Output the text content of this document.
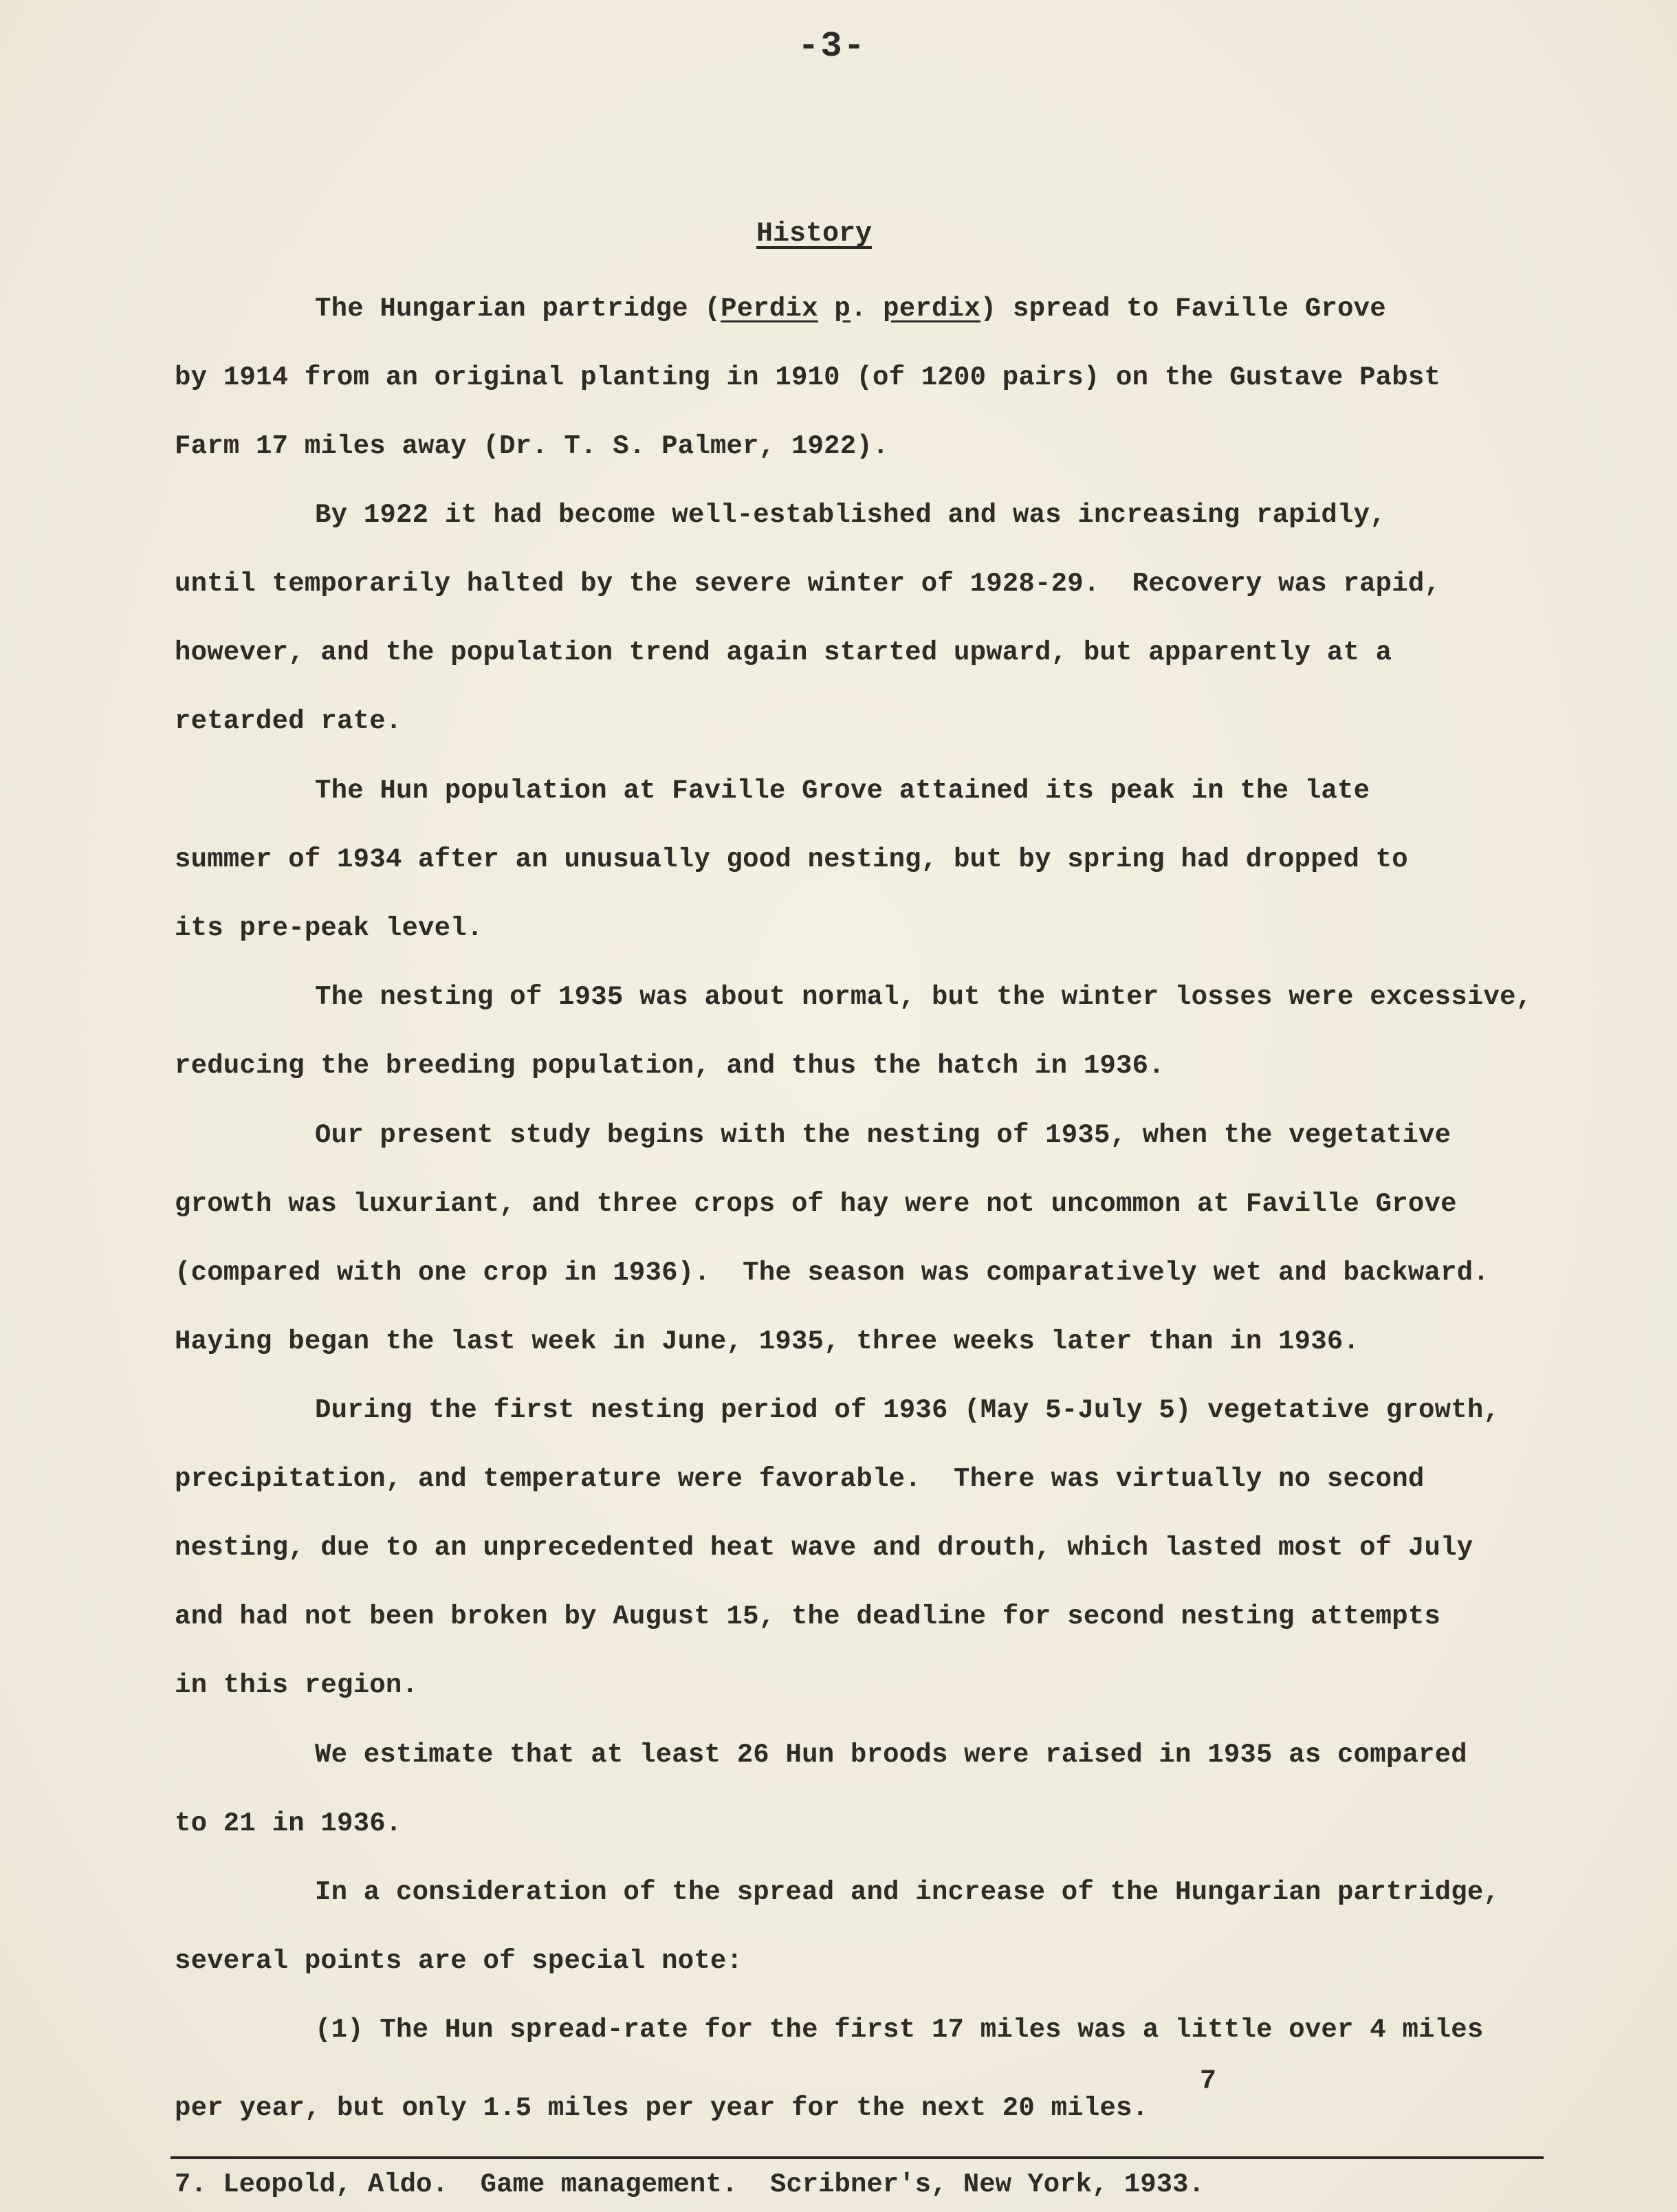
-3-
History
The Hungarian partridge (Perdix p. perdix) spread to Faville Grove
by 1914 from an original planting in 1910 (of 1200 pairs) on the Gustave Pabst
Farm 17 miles away (Dr. T. S. Palmer, 1922).
By 1922 it had become well-established and was increasing rapidly,
until temporarily halted by the severe winter of 1928-29.  Recovery was rapid,
however, and the population trend again started upward, but apparently at a
retarded rate.
The Hun population at Faville Grove attained its peak in the late
summer of 1934 after an unusually good nesting, but by spring had dropped to
its pre-peak level.
The nesting of 1935 was about normal, but the winter losses were excessive,
reducing the breeding population, and thus the hatch in 1936.
Our present study begins with the nesting of 1935, when the vegetative
growth was luxuriant, and three crops of hay were not uncommon at Faville Grove
(compared with one crop in 1936).  The season was comparatively wet and backward.
Haying began the last week in June, 1935, three weeks later than in 1936.
During the first nesting period of 1936 (May 5-July 5) vegetative growth,
precipitation, and temperature were favorable.  There was virtually no second
nesting, due to an unprecedented heat wave and drouth, which lasted most of July
and had not been broken by August 15, the deadline for second nesting attempts
in this region.
We estimate that at least 26 Hun broods were raised in 1935 as compared
to 21 in 1936.
In a consideration of the spread and increase of the Hungarian partridge,
several points are of special note:
(1) The Hun spread-rate for the first 17 miles was a little over 4 miles
per year, but only 1.5 miles per year for the next 20 miles.
7
7. Leopold, Aldo.  Game management.  Scribner's, New York, 1933.
